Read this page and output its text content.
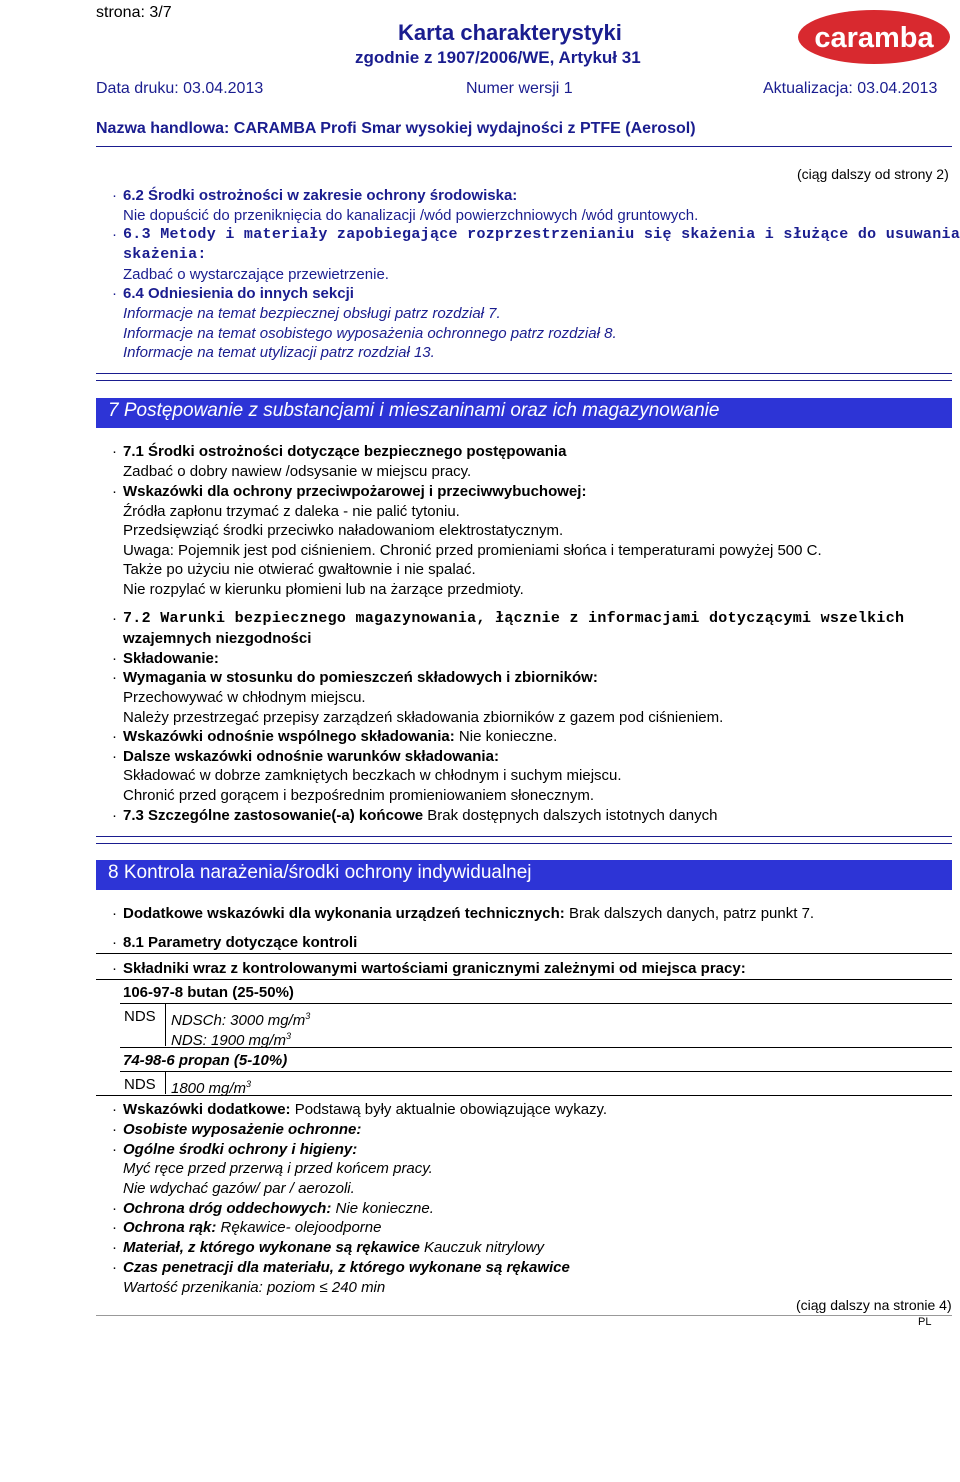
strona: 3/7
Karta charakterystyki
zgodnie z 1907/2006/WE, Artykuł 31
caramba
Data druku: 03.04.2013	Numer wersji 1	Aktualizacja: 03.04.2013
Nazwa handlowa: CARAMBA Profi Smar wysokiej wydajności z PTFE (Aerosol)
(ciąg dalszy od strony 2)
· 6.2 Środki ostrożności w zakresie ochrony środowiska:
Nie dopuścić do przeniknięcia do kanalizacji /wód powierzchniowych /wód gruntowych.
· 6.3 Metody i materiały zapobiegające rozprzestrzenianiu się skażenia i służące do usuwania
skażenia:
Zadbać o wystarczające przewietrzenie.
· 6.4 Odniesienia do innych sekcji
Informacje na temat bezpiecznej obsługi patrz rozdział 7.
Informacje na temat osobistego wyposażenia ochronnego patrz rozdział 8.
Informacje na temat utylizacji patrz rozdział 13.
7 Postępowanie z substancjami i mieszaninami oraz ich magazynowanie
· 7.1 Środki ostrożności dotyczące bezpiecznego postępowania
Zadbać o dobry nawiew /odsysanie w miejscu pracy.
· Wskazówki dla ochrony przeciwpożarowej i przeciwwybuchowej:
Źródła zapłonu trzymać z daleka - nie palić tytoniu.
Przedsięwziąć środki przeciwko naładowaniom elektrostatycznym.
Uwaga: Pojemnik jest pod ciśnieniem. Chronić przed promieniami słońca i temperaturami powyżej 500 C.
Także po użyciu nie otwierać gwałtownie i nie spalać.
Nie rozpylać w kierunku płomieni lub na żarzące przedmioty.
· 7.2 Warunki bezpiecznego magazynowania, łącznie z informacjami dotyczącymi wszelkich
wzajemnych niezgodności
· Składowanie:
· Wymagania w stosunku do pomieszczeń składowych i zbiorników:
Przechowywać w chłodnym miejscu.
Należy przestrzegać przepisy zarządzeń składowania zbiorników z gazem pod ciśnieniem.
· Wskazówki odnośnie wspólnego składowania: Nie konieczne.
· Dalsze wskazówki odnośnie warunków składowania:
Składować w dobrze zamkniętych beczkach w chłodnym i suchym miejscu.
Chronić przed gorącem i bezpośrednim promieniowaniem słonecznym.
· 7.3 Szczególne zastosowanie(-a) końcowe Brak dostępnych dalszych istotnych danych
8 Kontrola narażenia/środki ochrony indywidualnej
· Dodatkowe wskazówki dla wykonania urządzeń technicznych: Brak dalszych danych, patrz punkt 7.
· 8.1 Parametry dotyczące kontroli
· Składniki wraz z kontrolowanymi wartościami granicznymi zależnymi od miejsca pracy:
106-97-8 butan (25-50%)
NDS NDSCh: 3000 $mg/m^3$
NDS: 1900 $mg/m^3$
74-98-6 propan (5-10%)
NDS 1800 $mg/m^3$
· Wskazówki dodatkowe: Podstawą były aktualnie obowiązujące wykazy.
· Osobiste wyposażenie ochronne:
· Ogólne środki ochrony i higieny:
Myć ręce przed przerwą i przed końcem pracy.
Nie wdychać gazów/ par / aerozoli.
· Ochrona dróg oddechowych: Nie konieczne.
· Ochrona rąk: Rękawice- olejoodporne
· Materiał, z którego wykonane są rękawice Kauczuk nitrylowy
· Czas penetracji dla materiału, z którego wykonane są rękawice
Wartość przenikania: poziom ≤ 240 min
(ciąg dalszy na stronie 4)
PL
